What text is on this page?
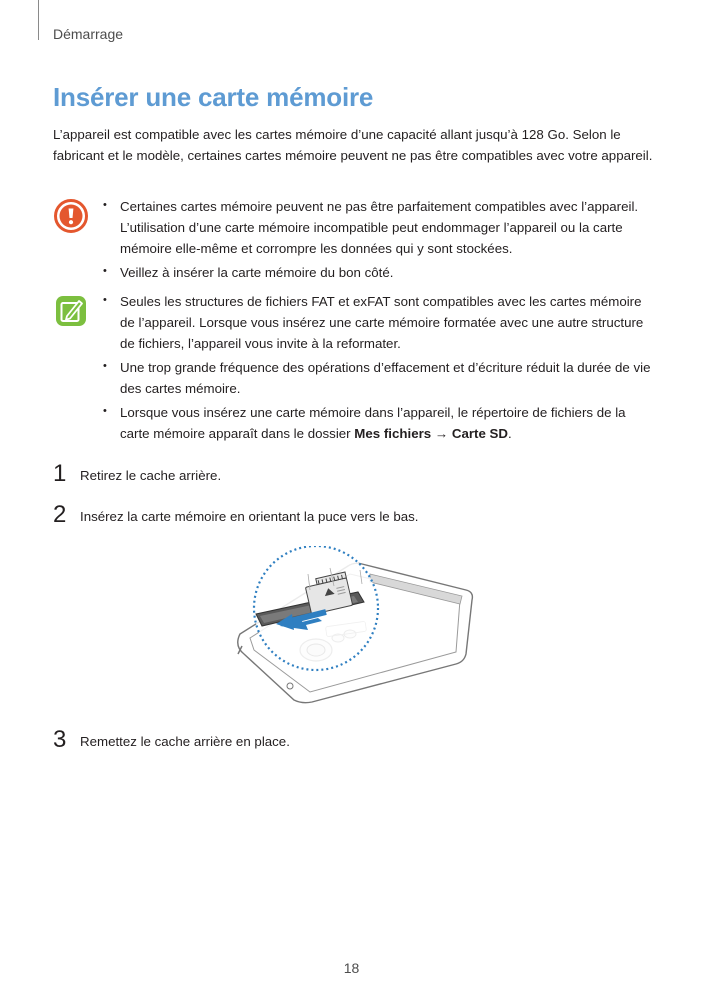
Démarrage
Insérer une carte mémoire

L’appareil est compatible avec les cartes mémoire d’une capacité allant jusqu’à 128 Go. Selon le fabricant et le modèle, certaines cartes mémoire peuvent ne pas être compatibles avec votre appareil.

• Certaines cartes mémoire peuvent ne pas être parfaitement compatibles avec l’appareil. L’utilisation d’une carte mémoire incompatible peut endommager l’appareil ou la carte mémoire elle-même et corrompre les données qui y sont stockées.
• Veillez à insérer la carte mémoire du bon côté.
• Seules les structures de fichiers FAT et exFAT sont compatibles avec les cartes mémoire de l’appareil. Lorsque vous insérez une carte mémoire formatée avec une autre structure de fichiers, l’appareil vous invite à la reformater.
• Une trop grande fréquence des opérations d’effacement et d’écriture réduit la durée de vie des cartes mémoire.
• Lorsque vous insérez une carte mémoire dans l’appareil, le répertoire de fichiers de la carte mémoire apparaît dans le dossier Mes fichiers → Carte SD.
1	Retirez le cache arrière.
2	Insérez la carte mémoire en orientant la puce vers le bas.
3	Remettez le cache arrière en place.
18
